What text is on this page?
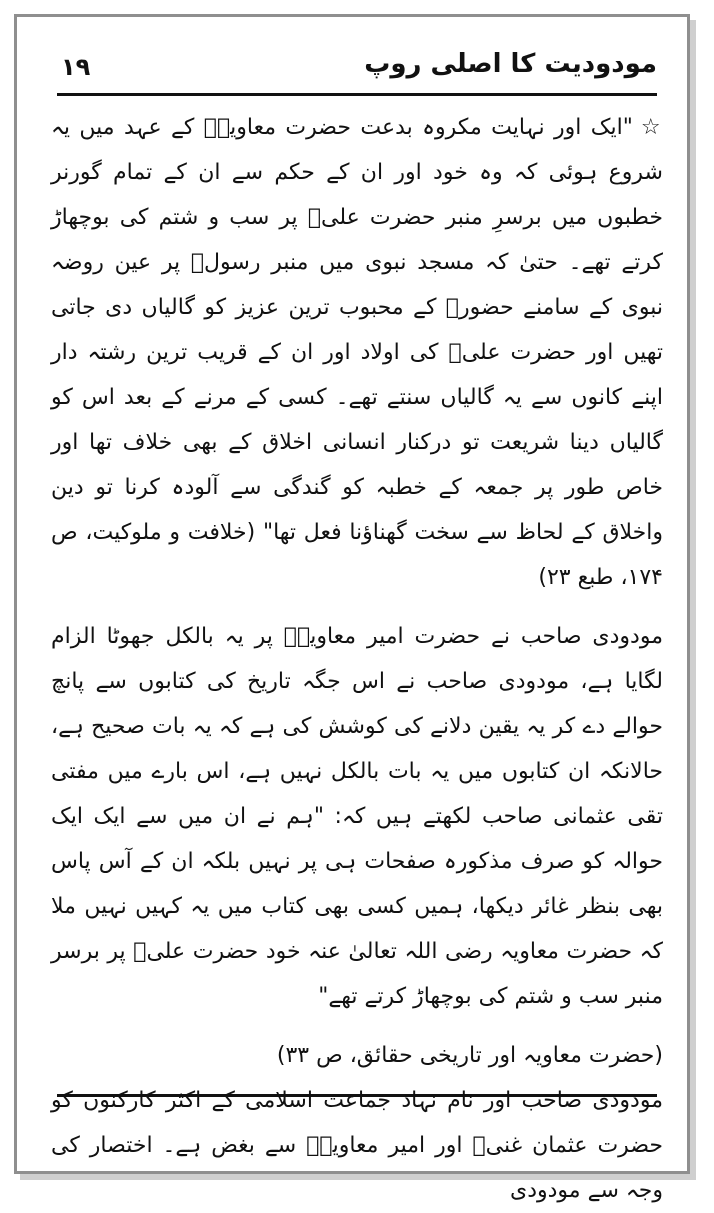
١٩	مودودیت کا اصلی روپ

☆"ایک اور نہایت مکروہ بدعت حضرت معاویہؓ کے عہد میں یہ شروع ہوئی کہ وہ خود اور ان کے حکم سے ان کے تمام گورنر خطبوں میں برسرِ منبر حضرت علیؓ پر سب و شتم کی بوچھاڑ کرتے تھے۔ حتیٰ کہ مسجد نبوی میں منبر رسولؐ پر عین روضہ نبوی کے سامنے حضورؐ کے محبوب ترین عزیز کو گالیاں دی جاتی تھیں اور حضرت علیؓ کی اولاد اور ان کے قریب ترین رشتہ دار اپنے کانوں سے یہ گالیاں سنتے تھے۔ کسی کے مرنے کے بعد اس کو گالیاں دینا شریعت تو درکنار انسانی اخلاق کے بھی خلاف تھا اور خاص طور پر جمعہ کے خطبہ کو گندگی سے آلودہ کرنا تو دین واخلاق کے لحاظ سے سخت گھناؤنا فعل تھا" (خلافت و ملوکیت، ص ۱۷۴، طبع ۲۳)

مودودی صاحب نے حضرت امیر معاویہؓ پر یہ بالکل جھوٹا الزام لگایا ہے، مودودی صاحب نے اس جگہ تاریخ کی کتابوں سے پانچ حوالے دے کر یہ یقین دلانے کی کوشش کی ہے کہ یہ بات صحیح ہے، حالانکہ ان کتابوں میں یہ بات بالکل نہیں ہے، اس بارے میں مفتی تقی عثمانی صاحب لکھتے ہیں کہ: "ہم نے ان میں سے ایک ایک حوالہ کو صرف مذکورہ صفحات ہی پر نہیں بلکہ ان کے آس پاس بھی بنظر غائر دیکھا، ہمیں کسی بھی کتاب میں یہ کہیں نہیں ملا کہ حضرت معاویہ رضی اللہ تعالیٰ عنہ خود حضرت علیؓ پر برسر منبر سب و شتم کی بوچھاڑ کرتے تھے"

(حضرت معاویہ اور تاریخی حقائق، ص ۳۳)

مودودی صاحب اور نام نہاد جماعت اسلامی کے اکثر کارکنوں کو حضرت عثمان غنیؓ اور امیر معاویہؓ سے بغض ہے۔ اختصار کی وجہ سے مودودی
